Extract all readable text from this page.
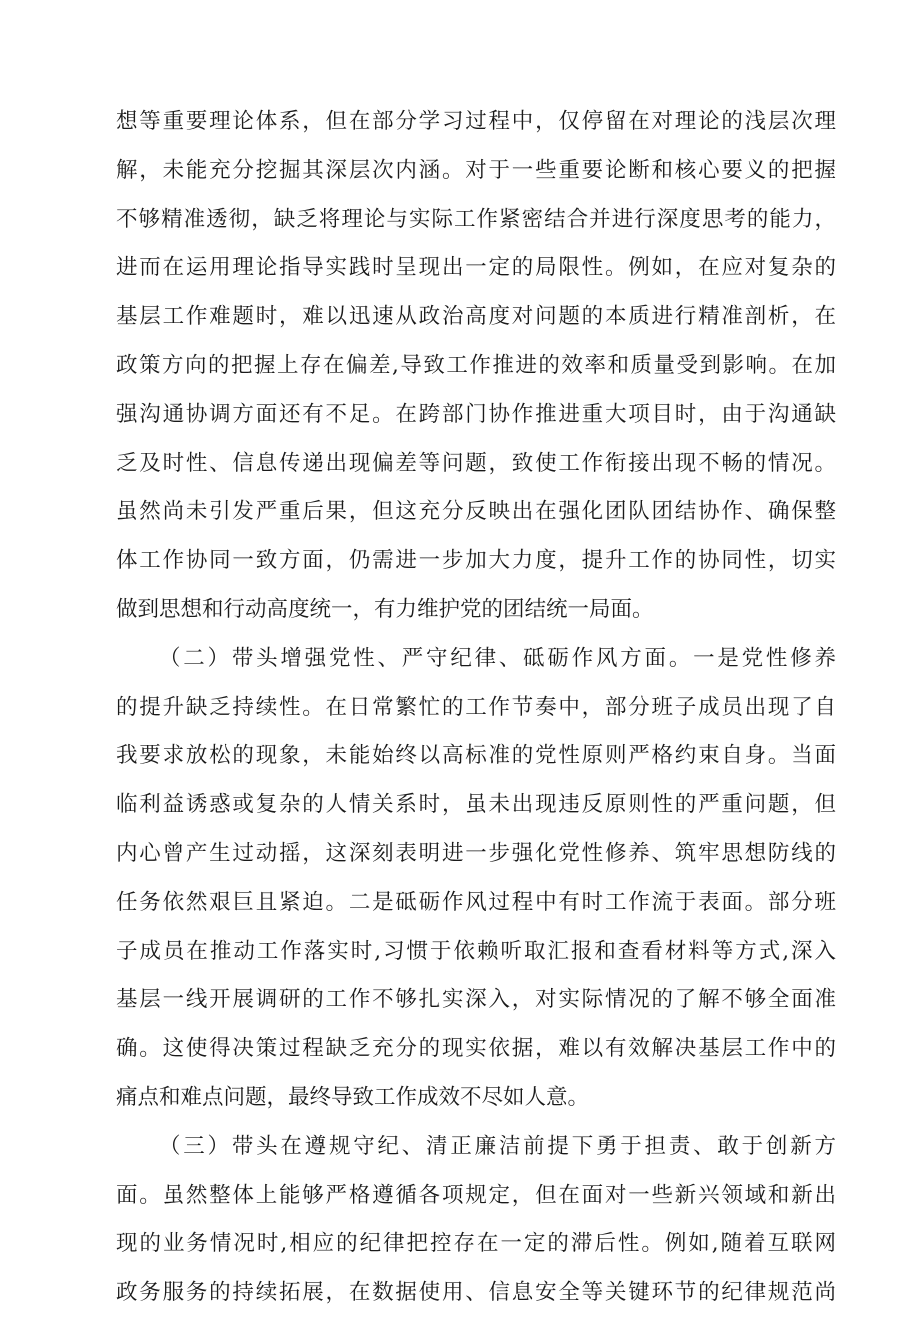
想等重要理论体系，但在部分学习过程中，仅停留在对理论的浅层次理
解，未能充分挖掘其深层次内涵。对于一些重要论断和核心要义的把握
不够精准透彻，缺乏将理论与实际工作紧密结合并进行深度思考的能力，
进而在运用理论指导实践时呈现出一定的局限性。例如，在应对复杂的
基层工作难题时，难以迅速从政治高度对问题的本质进行精准剖析，在
政策方向的把握上存在偏差,导致工作推进的效率和质量受到影响。在加
强沟通协调方面还有不足。在跨部门协作推进重大项目时，由于沟通缺
乏及时性、信息传递出现偏差等问题，致使工作衔接出现不畅的情况。
虽然尚未引发严重后果，但这充分反映出在强化团队团结协作、确保整
体工作协同一致方面，仍需进一步加大力度，提升工作的协同性，切实
做到思想和行动高度统一，有力维护党的团结统一局面。
（二）带头增强党性、严守纪律、砥砺作风方面。一是党性修养
的提升缺乏持续性。在日常繁忙的工作节奏中，部分班子成员出现了自
我要求放松的现象，未能始终以高标准的党性原则严格约束自身。当面
临利益诱惑或复杂的人情关系时，虽未出现违反原则性的严重问题，但
内心曾产生过动摇，这深刻表明进一步强化党性修养、筑牢思想防线的
任务依然艰巨且紧迫。二是砥砺作风过程中有时工作流于表面。部分班
子成员在推动工作落实时,习惯于依赖听取汇报和查看材料等方式,深入
基层一线开展调研的工作不够扎实深入，对实际情况的了解不够全面准
确。这使得决策过程缺乏充分的现实依据，难以有效解决基层工作中的
痛点和难点问题，最终导致工作成效不尽如人意。
（三）带头在遵规守纪、清正廉洁前提下勇于担责、敢于创新方
面。虽然整体上能够严格遵循各项规定，但在面对一些新兴领域和新出
现的业务情况时,相应的纪律把控存在一定的滞后性。例如,随着互联网
政务服务的持续拓展，在数据使用、信息安全等关键环节的纪律规范尚
